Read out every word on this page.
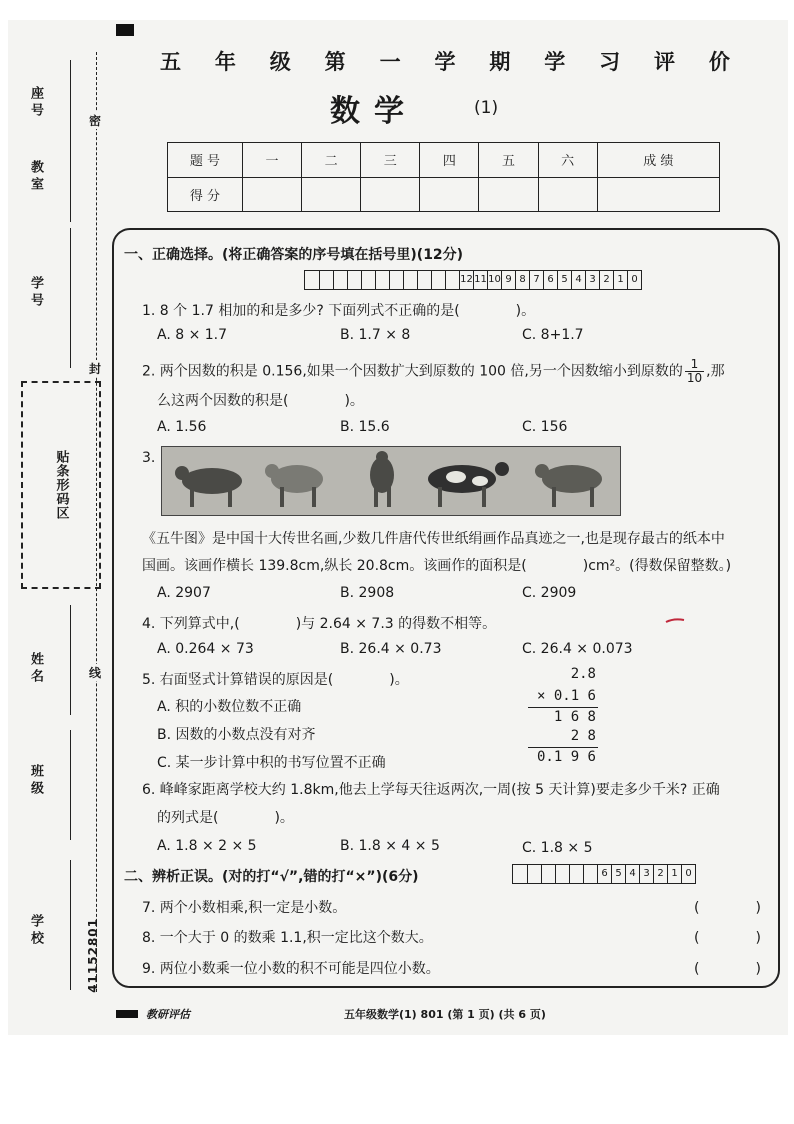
座号
教室
学号
贴条形码区
姓名
班级
学校
密
封
线
41152801
五 年 级 第 一 学 期 学 习 评 价
数学	(1)
题 号	一	二	三	四	五	六	成 绩
得 分							
一、正确选择。(将正确答案的序号填在括号里)(12分)
12 11 10 9 8 7 6 5 4 3 2 1 0
1. 8 个 1.7 相加的和是多少? 下面列式不正确的是(　　　　)。
A. 8 × 1.7	B. 1.7 × 8	C. 8+1.7
2. 两个因数的积是 0.156,如果一个因数扩大到原数的 100 倍,另一个因数缩小到原数的 $\frac{1}{10}$ ,那
么这两个因数的积是(　　　　)。
A. 1.56	B. 15.6	C. 156
3.
《五牛图》是中国十大传世名画,少数几件唐代传世纸绢画作品真迹之一,也是现存最古的纸本中
国画。该画作横长 139.8cm,纵长 20.8cm。该画作的面积是(　　　　)cm²。(得数保留整数。)
A. 2907	B. 2908	C. 2909
4. 下列算式中,(　　　　)与 2.64 × 7.3 的得数不相等。
A. 0.264 × 73	B. 26.4 × 0.73	C. 26.4 × 0.073
5. 右面竖式计算错误的原因是(　　　　)。
A. 积的小数位数不正确
B. 因数的小数点没有对齐
C. 某一步计算中积的书写位置不正确
2.8
× 0.1 6
1 6 8
2 8
0.1 9 6
6. 峰峰家距离学校大约 1.8km,他去上学每天往返两次,一周(按 5 天计算)要走多少千米? 正确
的列式是(　　　　)。
A. 1.8 × 2 × 5	B. 1.8 × 4 × 5	C. 1.8 × 5
二、辨析正误。(对的打“√”,错的打“×”)(6分)	6 5 4 3 2 1 0
7. 两个小数相乘,积一定是小数。	(　　　　)
8. 一个大于 0 的数乘 1.1,积一定比这个数大。	(　　　　)
9. 两位小数乘一位小数的积不可能是四位小数。	(　　　　)
教研评估	五年级数学(1) 801 (第 1 页) (共 6 页)
